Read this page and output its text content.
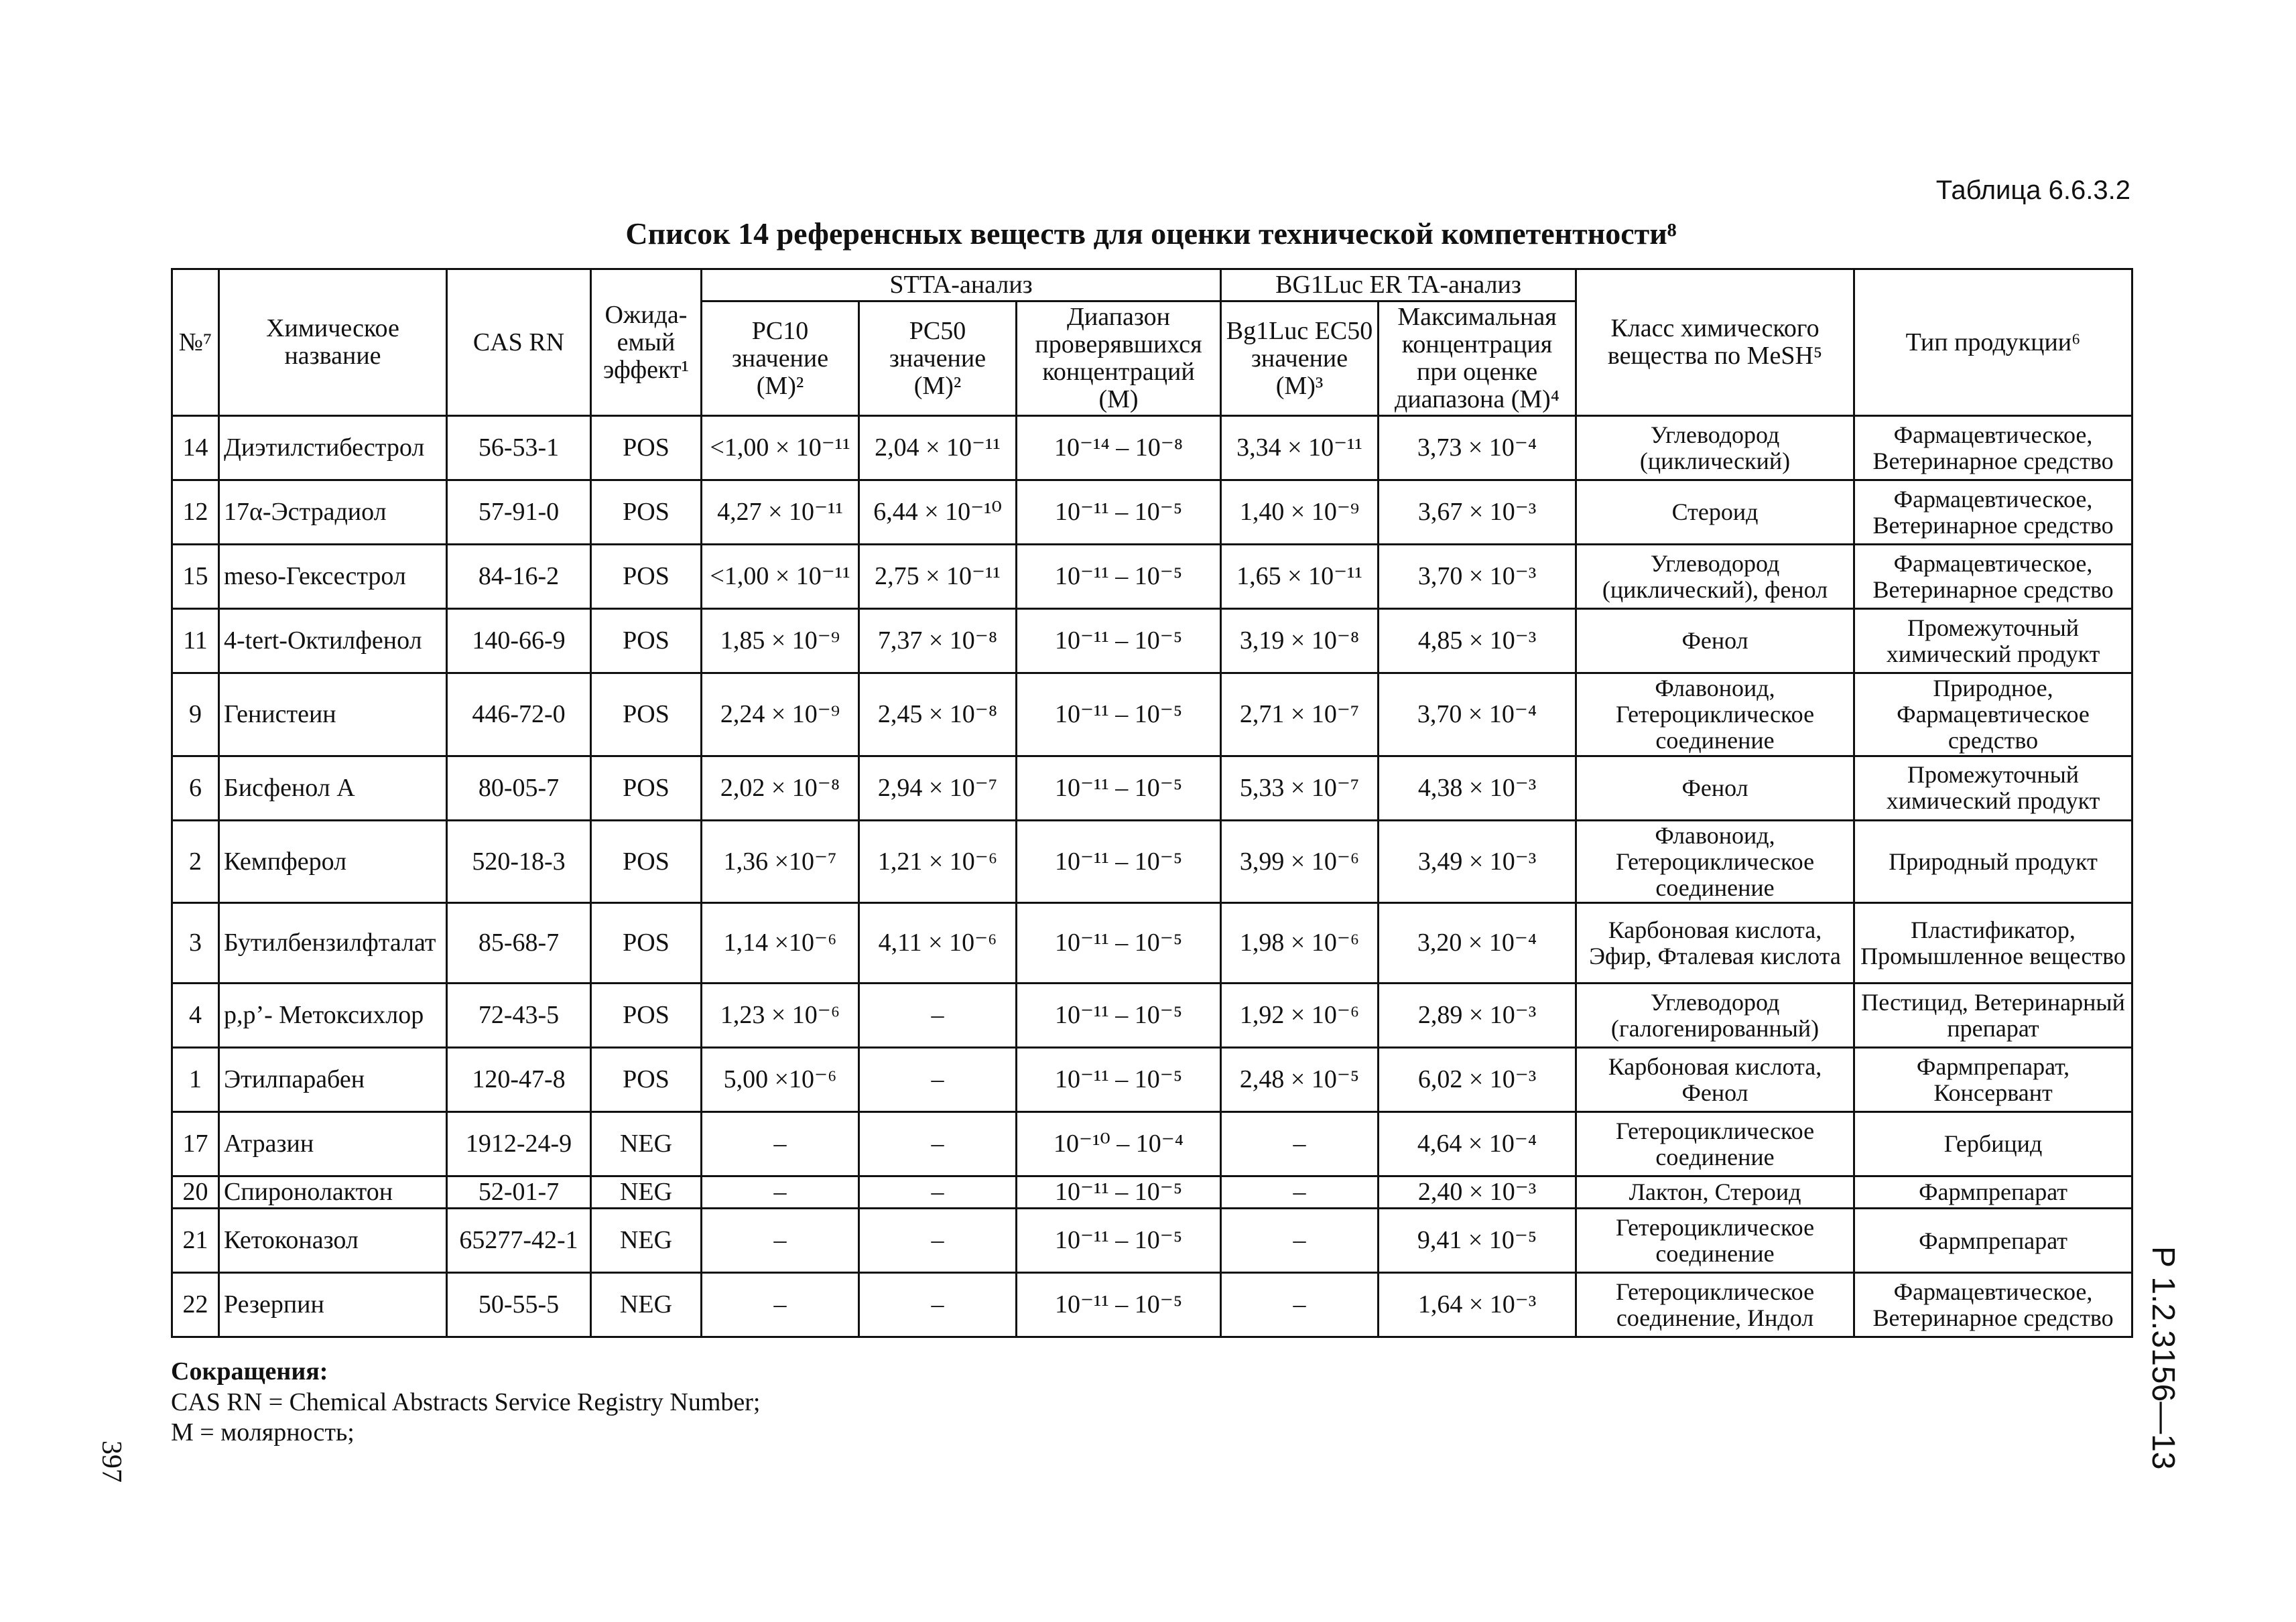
Таблица 6.6.3.2
Список 14 референсных веществ для оценки технической компетентности⁸
№⁷	Химическое название	CAS RN	Ожида-емый эффект¹	STTA-анализ			BG1Luc ER TA-анализ		Класс химического вещества по MeSH⁵	Тип продукции⁶
				PC10 значение (M)²	PC50 значение (M)²	Диапазон проверявшихся концентраций (M)	Bg1Luc EC50 значение (M)³	Максимальная концентрация при оценке диапазона (M)⁴		
14	Диэтилстибестрол	56-53-1	POS	<1,00 × 10⁻¹¹	2,04 × 10⁻¹¹	10⁻¹⁴ – 10⁻⁸	3,34 × 10⁻¹¹	3,73 × 10⁻⁴	Углеводород (циклический)	Фармацевтическое, Ветеринарное средство
12	17α-Эстрадиол	57-91-0	POS	4,27 × 10⁻¹¹	6,44 × 10⁻¹⁰	10⁻¹¹ – 10⁻⁵	1,40 × 10⁻⁹	3,67 × 10⁻³	Стероид	Фармацевтическое, Ветеринарное средство
15	meso-Гексестрол	84-16-2	POS	<1,00 × 10⁻¹¹	2,75 × 10⁻¹¹	10⁻¹¹ – 10⁻⁵	1,65 × 10⁻¹¹	3,70 × 10⁻³	Углеводород (циклический), фенол	Фармацевтическое, Ветеринарное средство
11	4-tert-Октилфенол	140-66-9	POS	1,85 × 10⁻⁹	7,37 × 10⁻⁸	10⁻¹¹ – 10⁻⁵	3,19 × 10⁻⁸	4,85 × 10⁻³	Фенол	Промежуточный химический продукт
9	Генистеин	446-72-0	POS	2,24 × 10⁻⁹	2,45 × 10⁻⁸	10⁻¹¹ – 10⁻⁵	2,71 × 10⁻⁷	3,70 × 10⁻⁴	Флавоноид, Гетероциклическое соединение	Природное, Фармацевтическое средство
6	Бисфенол А	80-05-7	POS	2,02 × 10⁻⁸	2,94 × 10⁻⁷	10⁻¹¹ – 10⁻⁵	5,33 × 10⁻⁷	4,38 × 10⁻³	Фенол	Промежуточный химический продукт
2	Кемпферол	520-18-3	POS	1,36 ×10⁻⁷	1,21 × 10⁻⁶	10⁻¹¹ – 10⁻⁵	3,99 × 10⁻⁶	3,49 × 10⁻³	Флавоноид, Гетероциклическое соединение	Природный продукт
3	Бутилбензилфталат	85-68-7	POS	1,14 ×10⁻⁶	4,11 × 10⁻⁶	10⁻¹¹ – 10⁻⁵	1,98 × 10⁻⁶	3,20 × 10⁻⁴	Карбоновая кислота, Эфир, Фталевая кислота	Пластификатор, Промышленное вещество
4	p,p’- Метоксихлор	72-43-5	POS	1,23 × 10⁻⁶	–	10⁻¹¹ – 10⁻⁵	1,92 × 10⁻⁶	2,89 × 10⁻³	Углеводород (галогенированный)	Пестицид, Ветеринарный препарат
1	Этилпарабен	120-47-8	POS	5,00 ×10⁻⁶	–	10⁻¹¹ – 10⁻⁵	2,48 × 10⁻⁵	6,02 × 10⁻³	Карбоновая кислота, Фенол	Фармпрепарат, Консервант
17	Атразин	1912-24-9	NEG	–	–	10⁻¹⁰ – 10⁻⁴	–	4,64 × 10⁻⁴	Гетероциклическое соединение	Гербицид
20	Спиронолактон	52-01-7	NEG	–	–	10⁻¹¹ – 10⁻⁵	–	2,40 × 10⁻³	Лактон, Стероид	Фармпрепарат
21	Кетоконазол	65277-42-1	NEG	–	–	10⁻¹¹ – 10⁻⁵	–	9,41 × 10⁻⁵	Гетероциклическое соединение	Фармпрепарат
22	Резерпин	50-55-5	NEG	–	–	10⁻¹¹ – 10⁻⁵	–	1,64 × 10⁻³	Гетероциклическое соединение, Индол	Фармацевтическое, Ветеринарное средство
Сокращения:
CAS RN = Chemical Abstracts Service Registry Number;
M = молярность;
397	Р 1.2.3156—13
